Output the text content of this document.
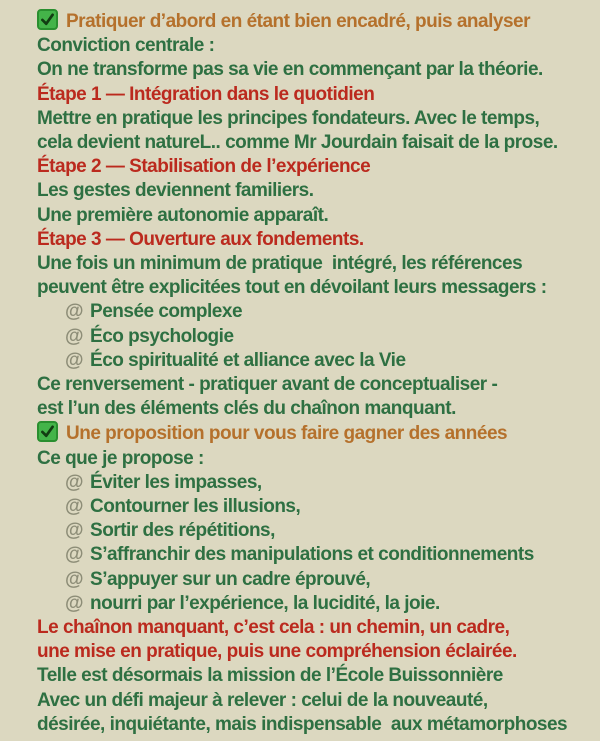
Pratiquer d’abord en étant bien encadré, puis analyser
Conviction centrale :
On ne transforme pas sa vie en commençant par la théorie.
Étape 1 — Intégration dans le quotidien
Mettre en pratique les principes fondateurs. Avec le temps,
cela devient natureL.. comme Mr Jourdain faisait de la prose.
Étape 2 — Stabilisation de l’expérience
Les gestes deviennent familiers.
Une première autonomie apparaît.
Étape 3 — Ouverture aux fondements.
Une fois un minimum de pratique  intégré, les références
peuvent être explicitées tout en dévoilant leurs messagers :
@ Pensée complexe
@ Éco psychologie
@ Éco spiritualité et alliance avec la Vie
Ce renversement - pratiquer avant de conceptualiser -
est l’un des éléments clés du chaînon manquant.
Une proposition pour vous faire gagner des années
Ce que je propose :
@ Éviter les impasses,
@ Contourner les illusions,
@ Sortir des répétitions,
@ S’affranchir des manipulations et conditionnements
@ S’appuyer sur un cadre éprouvé,
@ nourri par l’expérience, la lucidité, la joie.
Le chaînon manquant, c’est cela : un chemin, un cadre,
une mise en pratique, puis une compréhension éclairée.
Telle est désormais la mission de l’École Buissonnière
Avec un défi majeur à relever : celui de la nouveauté,
désirée, inquiétante, mais indispensable  aux métamorphoses
